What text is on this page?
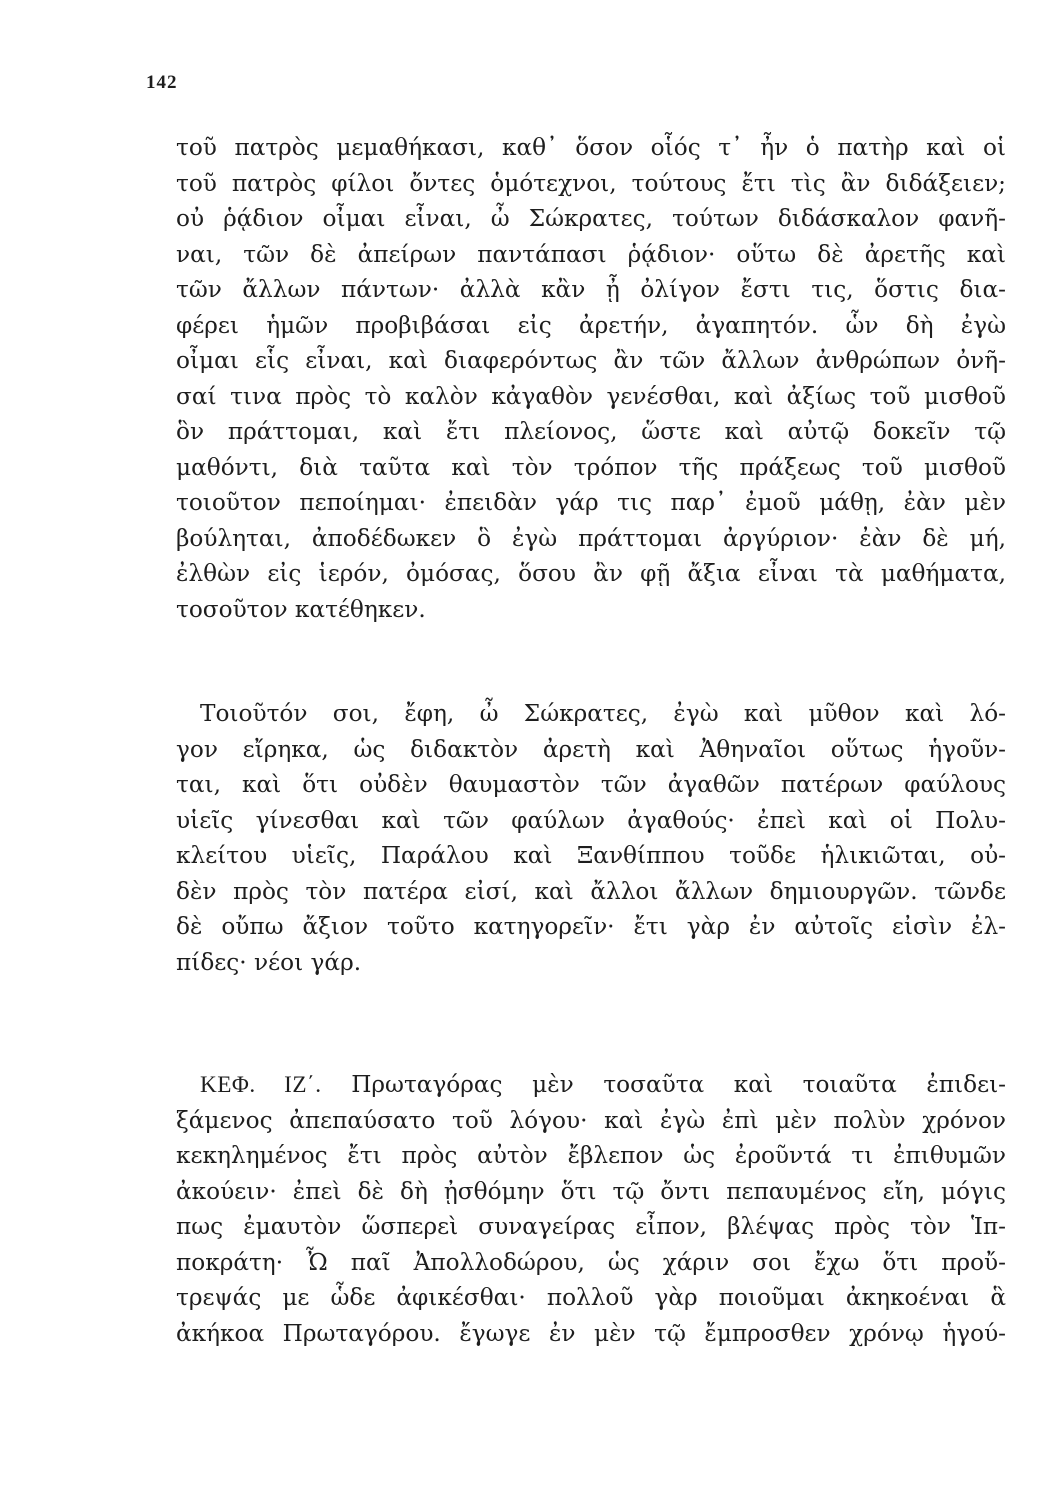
142
τοῦ πατρὸς μεμαθήκασι, καθ᾽ ὅσον οἷός τ᾽ ἦν ὁ πατὴρ καὶ οἱ
τοῦ πατρὸς φίλοι ὄντες ὁμότεχνοι, τούτους ἔτι τὶς ἂν διδάξειεν;
οὐ ῥᾴδιον οἶμαι εἶναι, ὦ Σώκρατες, τούτων διδάσκαλον φανῆ-
ναι, τῶν δὲ ἀπείρων παντάπασι ῥᾴδιον· οὕτω δὲ ἀρετῆς καὶ
τῶν ἄλλων πάντων· ἀλλὰ κἂν ᾖ ὀλίγον ἔστι τις, ὅστις δια-
φέρει ἡμῶν προβιβάσαι εἰς ἀρετήν, ἀγαπητόν. ὧν δὴ ἐγὼ
οἶμαι εἷς εἶναι, καὶ διαφερόντως ἂν τῶν ἄλλων ἀνθρώπων ὀνῆ-
σαί τινα πρὸς τὸ καλὸν κἀγαθὸν γενέσθαι, καὶ ἀξίως τοῦ μισθοῦ
ὃν πράττομαι, καὶ ἔτι πλείονος, ὥστε καὶ αὐτῷ δοκεῖν τῷ
μαθόντι, διὰ ταῦτα καὶ τὸν τρόπον τῆς πράξεως τοῦ μισθοῦ
τοιοῦτον πεποίημαι· ἐπειδὰν γάρ τις παρ᾽ ἐμοῦ μάθῃ, ἐὰν μὲν
βούληται, ἀποδέδωκεν ὃ ἐγὼ πράττομαι ἀργύριον· ἐὰν δὲ μή,
ἐλθὼν εἰς ἱερόν, ὀμόσας, ὅσου ἂν φῇ ἄξια εἶναι τὰ μαθήματα,
τοσοῦτον κατέθηκεν.
Τοιοῦτόν σοι, ἔφη, ὦ Σώκρατες, ἐγὼ καὶ μῦθον καὶ λό-
γον εἴρηκα, ὡς διδακτὸν ἀρετὴ καὶ Ἀθηναῖοι οὕτως ἡγοῦν-
ται, καὶ ὅτι οὐδὲν θαυμαστὸν τῶν ἀγαθῶν πατέρων φαύλους
υἱεῖς γίνεσθαι καὶ τῶν φαύλων ἀγαθούς· ἐπεὶ καὶ οἱ Πολυ-
κλείτου υἱεῖς, Παράλου καὶ Ξανθίππου τοῦδε ἡλικιῶται, οὐ-
δὲν πρὸς τὸν πατέρα εἰσί, καὶ ἄλλοι ἄλλων δημιουργῶν. τῶνδε
δὲ οὔπω ἄξιον τοῦτο κατηγορεῖν· ἔτι γὰρ ἐν αὐτοῖς εἰσὶν ἐλ-
πίδες· νέοι γάρ.
ΚΕΦ. ΙΖ΄. Πρωταγόρας μὲν τοσαῦτα καὶ τοιαῦτα ἐπιδει-
ξάμενος ἀπεπαύσατο τοῦ λόγου· καὶ ἐγὼ ἐπὶ μὲν πολὺν χρόνον
κεκηλημένος ἔτι πρὸς αὐτὸν ἔβλεπον ὡς ἐροῦντά τι ἐπιθυμῶν
ἀκούειν· ἐπεὶ δὲ δὴ ᾐσθόμην ὅτι τῷ ὄντι πεπαυμένος εἴη, μόγις
πως ἐμαυτὸν ὥσπερεὶ συναγείρας εἶπον, βλέψας πρὸς τὸν Ἱπ-
ποκράτη· Ὦ παῖ Ἀπολλοδώρου, ὡς χάριν σοι ἔχω ὅτι προὔ-
τρεψάς με ὧδε ἀφικέσθαι· πολλοῦ γὰρ ποιοῦμαι ἀκηκοέναι ἃ
ἀκήκοα Πρωταγόρου. ἔγωγε ἐν μὲν τῷ ἔμπροσθεν χρόνῳ ἡγού-
